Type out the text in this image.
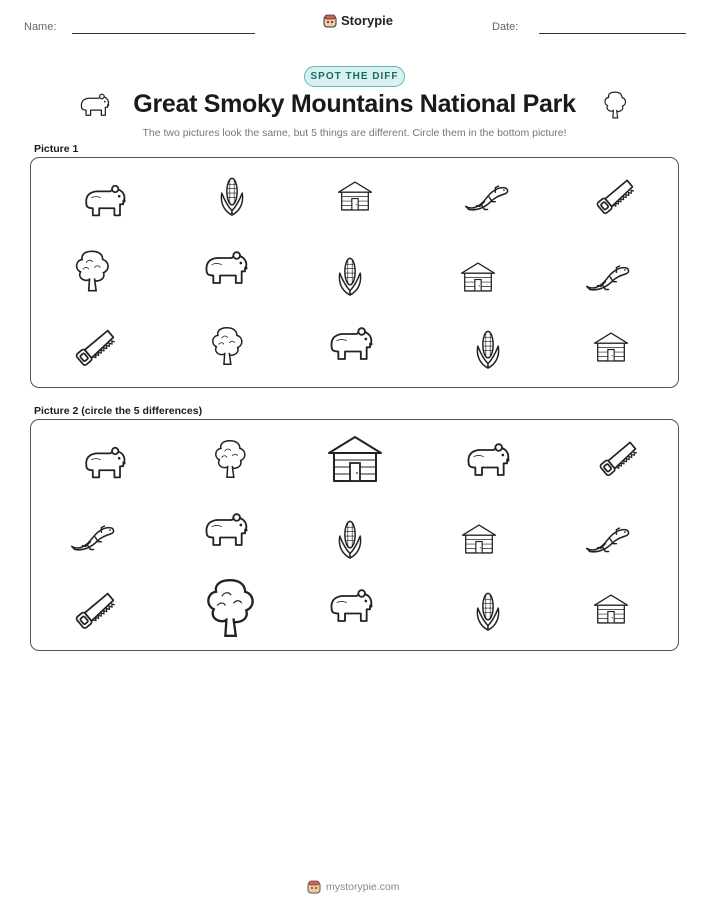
Name:	Storypie	Date:
SPOT THE DIFF
Great Smoky Mountains National Park
The two pictures look the same, but 5 things are different. Circle them in the bottom picture!
Picture 1
Picture 2 (circle the 5 differences)
mystorypie.com
